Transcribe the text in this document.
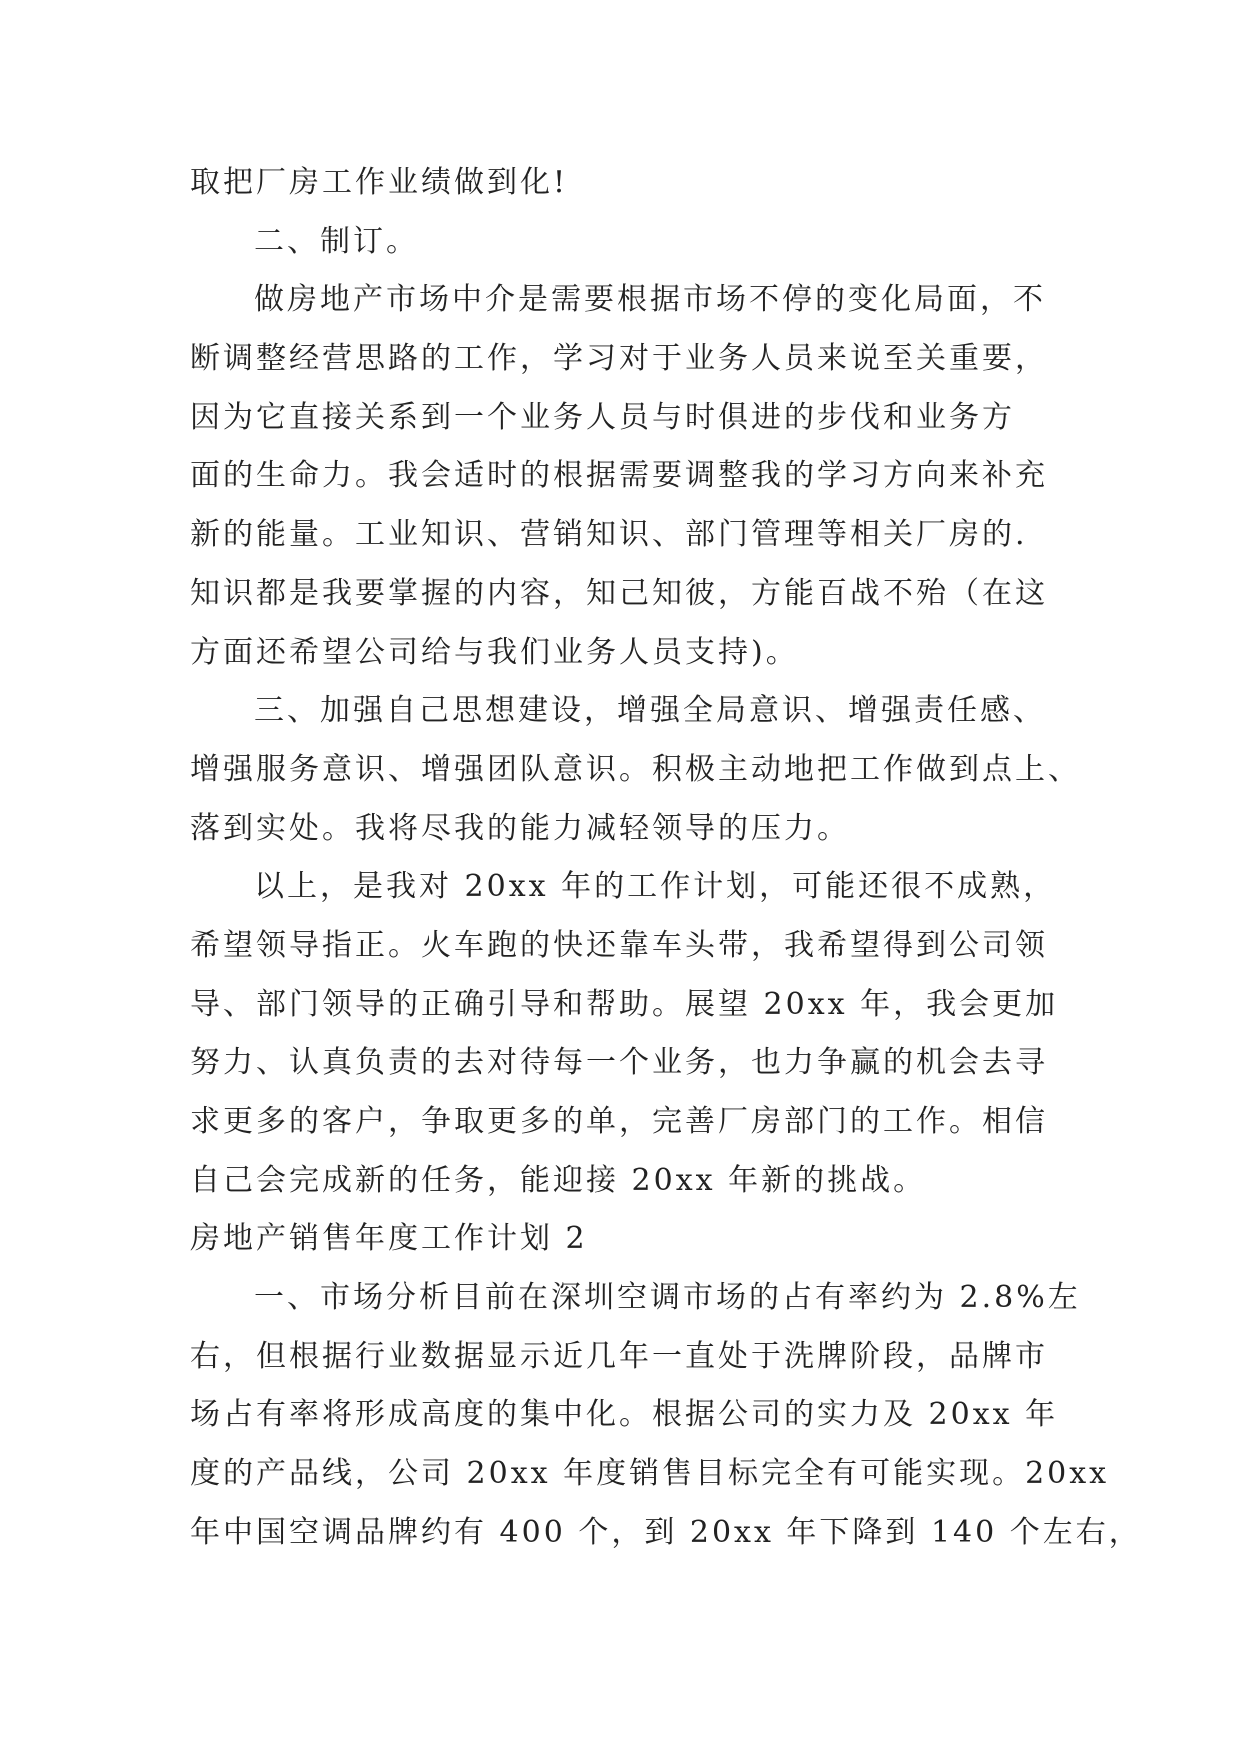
取把厂房工作业绩做到化!
二、制订。
做房地产市场中介是需要根据市场不停的变化局面，不
断调整经营思路的工作，学习对于业务人员来说至关重要，
因为它直接关系到一个业务人员与时俱进的步伐和业务方
面的生命力。我会适时的根据需要调整我的学习方向来补充
新的能量。工业知识、营销知识、部门管理等相关厂房的.
知识都是我要掌握的内容，知己知彼，方能百战不殆（在这
方面还希望公司给与我们业务人员支持)。
三、加强自己思想建设，增强全局意识、增强责任感、
增强服务意识、增强团队意识。积极主动地把工作做到点上、
落到实处。我将尽我的能力减轻领导的压力。
以上，是我对 20xx 年的工作计划，可能还很不成熟，
希望领导指正。火车跑的快还靠车头带，我希望得到公司领
导、部门领导的正确引导和帮助。展望 20xx 年，我会更加
努力、认真负责的去对待每一个业务，也力争赢的机会去寻
求更多的客户，争取更多的单，完善厂房部门的工作。相信
自己会完成新的任务，能迎接 20xx 年新的挑战。
房地产销售年度工作计划 2
一、市场分析目前在深圳空调市场的占有率约为 2.8%左
右，但根据行业数据显示近几年一直处于洗牌阶段，品牌市
场占有率将形成高度的集中化。根据公司的实力及 20xx 年
度的产品线，公司 20xx 年度销售目标完全有可能实现。20xx
年中国空调品牌约有 400 个，到 20xx 年下降到 140 个左右，
